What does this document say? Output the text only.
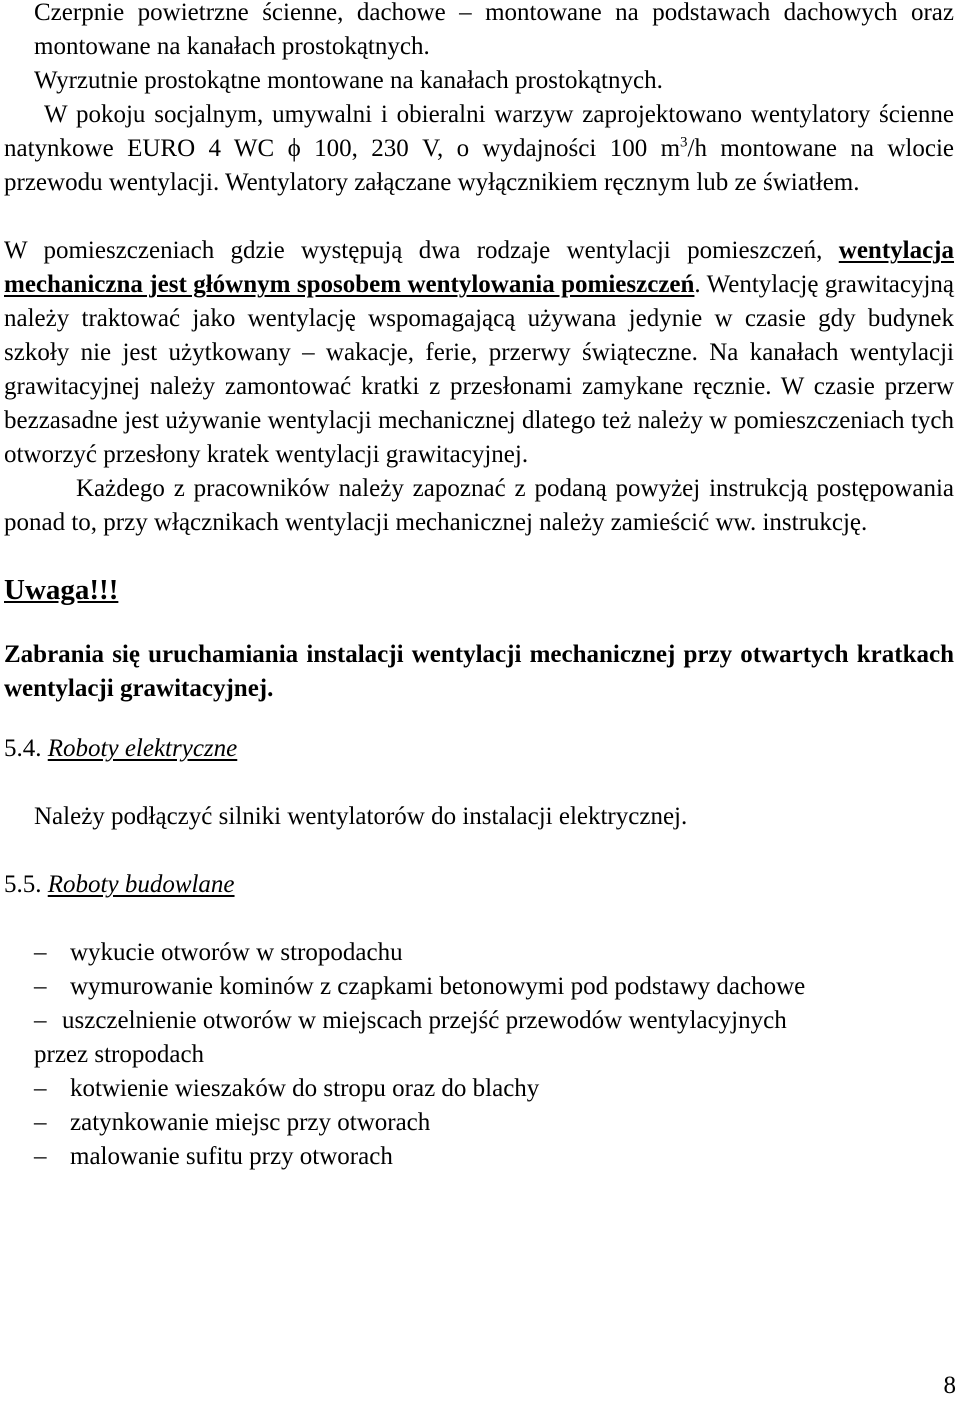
Czerpnie powietrzne ścienne, dachowe – montowane na podstawach dachowych oraz montowane na kanałach prostokątnych.

Wyrzutnie prostokątne montowane na kanałach prostokątnych.

W pokoju socjalnym, umywalni i obieralni warzyw zaprojektowano wentylatory ścienne natynkowe EURO 4 WC ϕ 100, 230 V, o wydajności 100 $m^3/h$ montowane na wlocie przewodu wentylacji. Wentylatory załączane wyłącznikiem ręcznym lub ze światłem.

W pomieszczeniach gdzie występują dwa rodzaje wentylacji pomieszczeń, wentylacja mechaniczna jest głównym sposobem wentylowania pomieszczeń. Wentylację grawitacyjną należy traktować jako wentylację wspomagającą używana jedynie w czasie gdy budynek szkoły nie jest użytkowany – wakacje, ferie, przerwy świąteczne. Na kanałach wentylacji grawitacyjnej należy zamontować kratki z przesłonami zamykane ręcznie. W czasie przerw bezzasadne jest używanie wentylacji mechanicznej dlatego też należy w pomieszczeniach tych otworzyć przesłony kratek wentylacji grawitacyjnej.

Każdego z pracowników należy zapoznać z podaną powyżej instrukcją postępowania ponad to, przy włącznikach wentylacji mechanicznej należy zamieścić ww. instrukcję.

Uwaga!!!

Zabrania się uruchamiania instalacji wentylacji mechanicznej przy otwartych kratkach wentylacji grawitacyjnej.

5.4. Roboty elektryczne

Należy podłączyć silniki wentylatorów do instalacji elektrycznej.

5.5. Roboty budowlane
– wykucie otworów w stropodachu
– wymurowanie kominów z czapkami betonowymi pod podstawy dachowe
– uszczelnienie otworów w miejscach przejść przewodów wentylacyjnych
przez stropodach
– kotwienie wieszaków do stropu oraz do blachy
– zatynkowanie miejsc przy otworach
– malowanie sufitu przy otworach
8
